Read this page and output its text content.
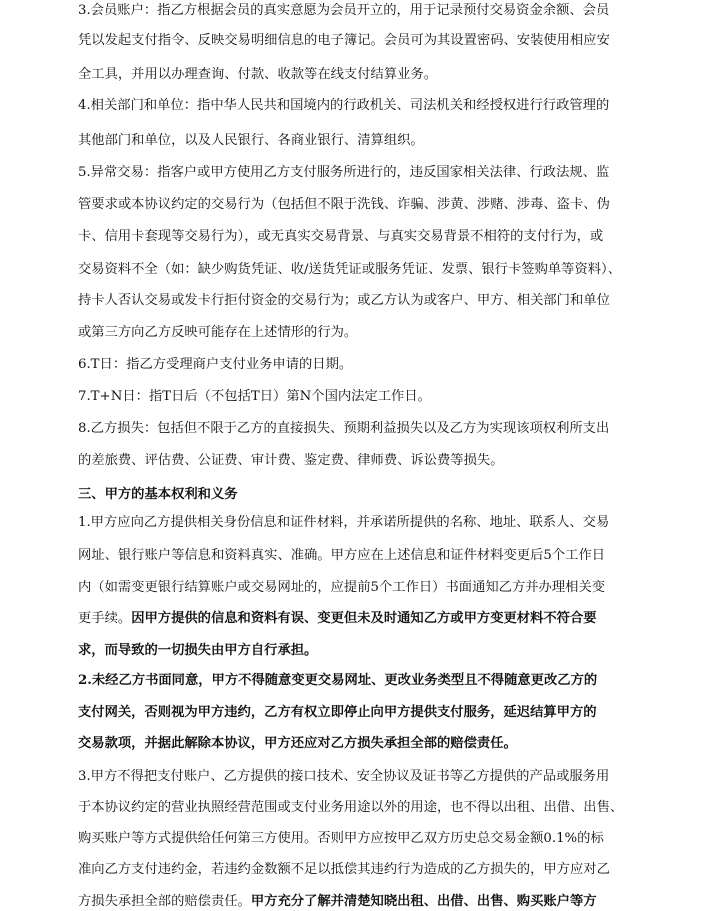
3.会员账户：指乙方根据会员的真实意愿为会员开立的，用于记录预付交易资金余额、会员
凭以发起支付指令、反映交易明细信息的电子簿记。会员可为其设置密码、安装使用相应安
全工具，并用以办理查询、付款、收款等在线支付结算业务。
4.相关部门和单位：指中华人民共和国境内的行政机关、司法机关和经授权进行行政管理的
其他部门和单位，以及人民银行、各商业银行、清算组织。
5.异常交易：指客户或甲方使用乙方支付服务所进行的，违反国家相关法律、行政法规、监
管要求或本协议约定的交易行为（包括但不限于洗钱、诈骗、涉黄、涉赌、涉毒、盗卡、伪
卡、信用卡套现等交易行为），或无真实交易背景、与真实交易背景不相符的支付行为，或
交易资料不全（如：缺少购货凭证、收/送货凭证或服务凭证、发票、银行卡签购单等资料）、
持卡人否认交易或发卡行拒付资金的交易行为；或乙方认为或客户、甲方、相关部门和单位
或第三方向乙方反映可能存在上述情形的行为。
6.T日：指乙方受理商户支付业务申请的日期。
7.T+N日：指T日后（不包括T日）第N个国内法定工作日。
8.乙方损失：包括但不限于乙方的直接损失、预期利益损失以及乙方为实现该项权利所支出
的差旅费、评估费、公证费、审计费、鉴定费、律师费、诉讼费等损失。
三、甲方的基本权利和义务
1.甲方应向乙方提供相关身份信息和证件材料，并承诺所提供的名称、地址、联系人、交易
网址、银行账户等信息和资料真实、准确。甲方应在上述信息和证件材料变更后5个工作日
内（如需变更银行结算账户或交易网址的，应提前5个工作日）书面通知乙方并办理相关变
更手续。因甲方提供的信息和资料有误、变更但未及时通知乙方或甲方变更材料不符合要
求，而导致的一切损失由甲方自行承担。
2.未经乙方书面同意，甲方不得随意变更交易网址、更改业务类型且不得随意更改乙方的
支付网关，否则视为甲方违约，乙方有权立即停止向甲方提供支付服务，延迟结算甲方的
交易款项，并据此解除本协议，甲方还应对乙方损失承担全部的赔偿责任。
3.甲方不得把支付账户、乙方提供的接口技术、安全协议及证书等乙方提供的产品或服务用
于本协议约定的营业执照经营范围或支付业务用途以外的用途，也不得以出租、出借、出售、
购买账户等方式提供给任何第三方使用。否则甲方应按甲乙双方历史总交易金额0.1%的标
准向乙方支付违约金，若违约金数额不足以抵偿其违约行为造成的乙方损失的，甲方应对乙
方损失承担全部的赔偿责任。甲方充分了解并清楚知晓出租、出借、出售、购买账户等方
